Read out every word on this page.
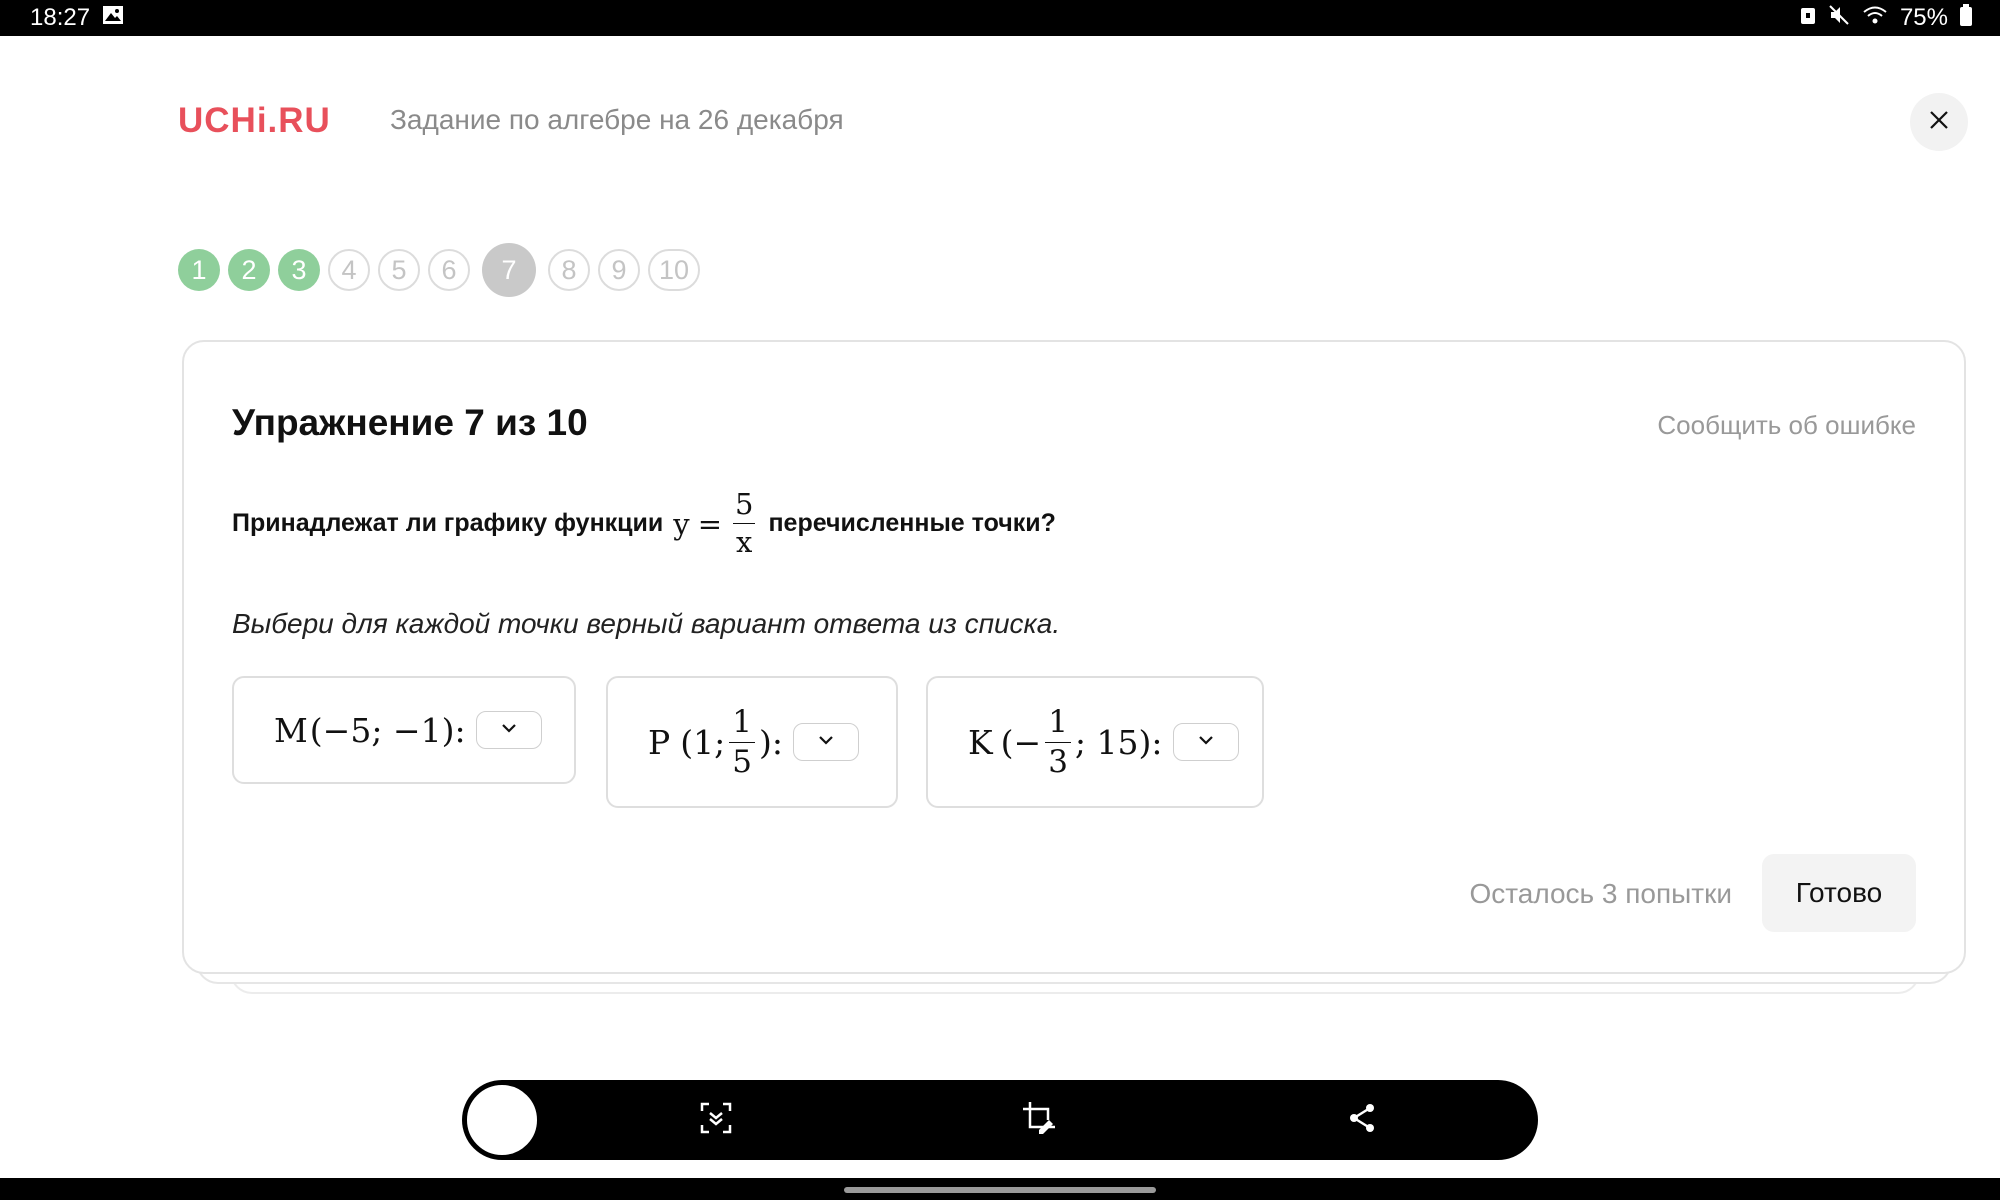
18:27	75%
UCHi.RU Задание по алгебре на 26 декабря
1	2	3	4	5	6	7	8	9	10
Упражнение 7 из 10	Сообщить об ошибке
Принадлежат ли графику функции $y = \frac{5}{x}$ перечисленные точки?
Выбери для каждой точки верный вариант ответа из списка.
M (−5; −1):	P (1; $\frac{1}{5}$ ):	K (− $\frac{1}{3}$ ; 15):
Осталось 3 попытки	Готово
